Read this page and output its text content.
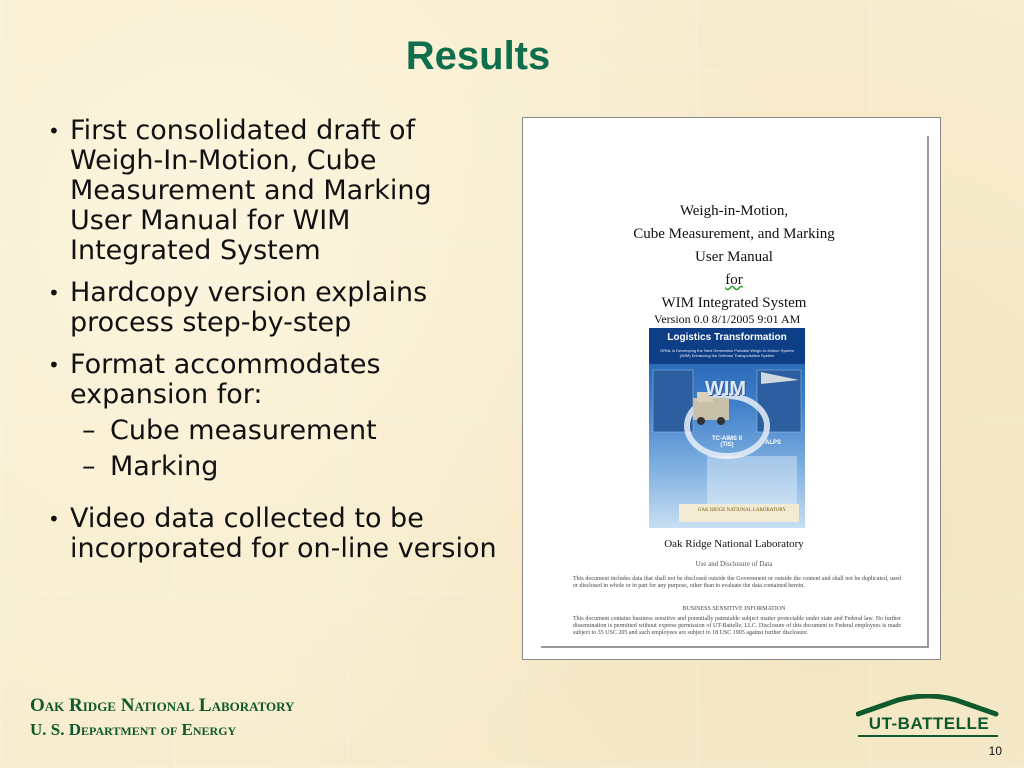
Results
• First consolidated draft of Weigh-In-Motion, Cube Measurement and Marking User Manual for WIM Integrated System
• Hardcopy version explains process step-by-step
• Format accommodates expansion for:
– Cube measurement
– Marking
• Video data collected to be incorporated for on-line version
Weigh-in-Motion,
Cube Measurement, and Marking
User Manual
for
WIM Integrated System
Version 0.0 8/1/2005 9:01 AM
Logistics Transformation
ORNL is Developing the Next Generation Portable Weigh-In-Motion System (WIM) Enhancing the Defense Transportation System
WIM
TC-AIMS II (TIS)	ALPS
OAK RIDGE NATIONAL LABORATORY
Oak Ridge National Laboratory
Use and Disclosure of Data
This document includes data that shall not be disclosed outside the Government or outside the content and shall not be duplicated, used or disclosed in whole or in part for any purpose, other than to evaluate the data contained herein.
BUSINESS SENSITIVE INFORMATION
This document contains business sensitive and potentially patentable subject matter protectable under state and Federal law. No further dissemination is permitted without express permission of UT-Battelle, LLC. Disclosure of this document to Federal employees is made subject to 35 USC 205 and such employees are subject to 18 USC 1905 against further disclosure.
Oak Ridge National Laboratory
U. S. Department of Energy	UT-BATTELLE
10
